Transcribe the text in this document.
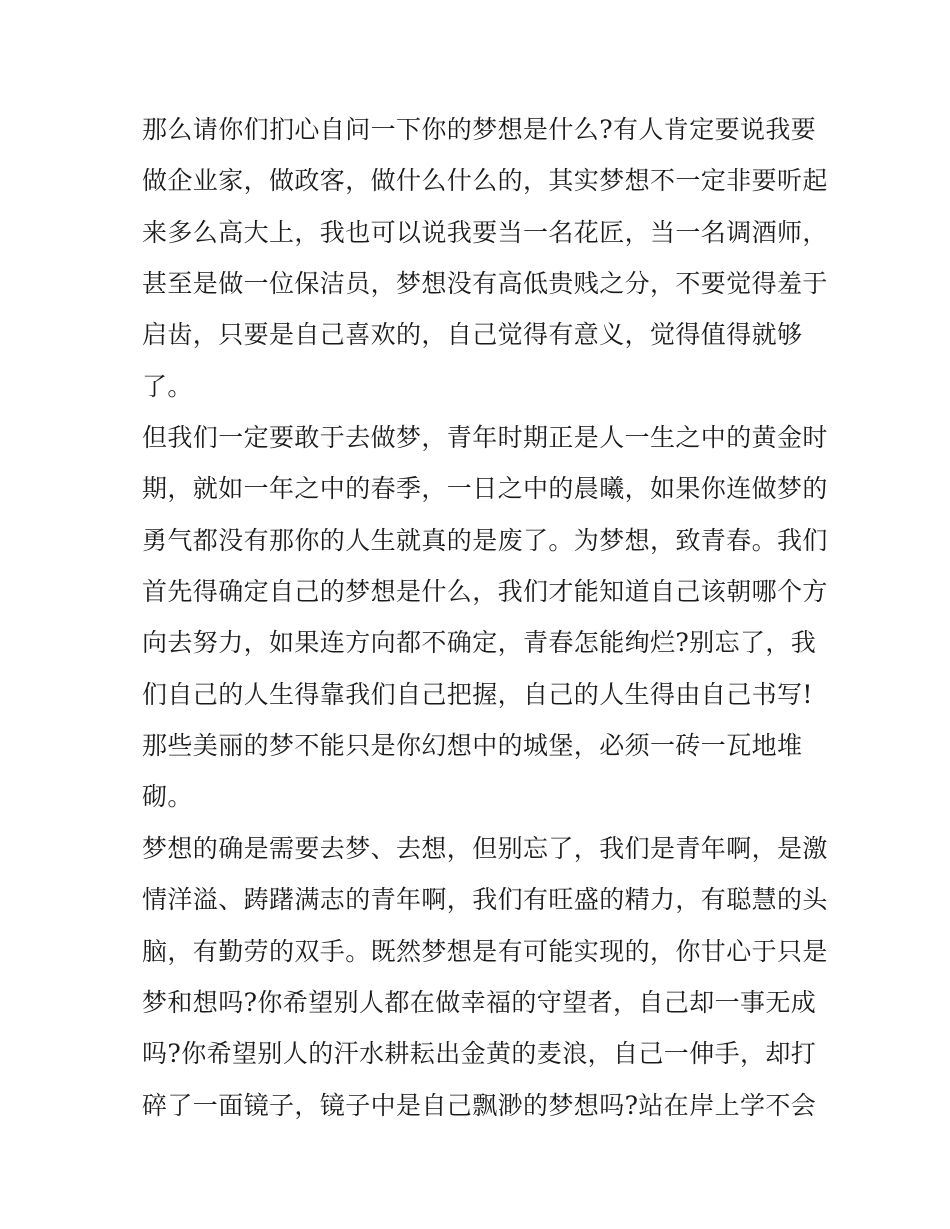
那么请你们扪心自问一下你的梦想是什么?有人肯定要说我要
做企业家，做政客，做什么什么的，其实梦想不一定非要听起
来多么高大上，我也可以说我要当一名花匠，当一名调酒师，
甚至是做一位保洁员，梦想没有高低贵贱之分，不要觉得羞于
启齿，只要是自己喜欢的，自己觉得有意义，觉得值得就够
了。
但我们一定要敢于去做梦，青年时期正是人一生之中的黄金时
期，就如一年之中的春季，一日之中的晨曦，如果你连做梦的
勇气都没有那你的人生就真的是废了。为梦想，致青春。我们
首先得确定自己的梦想是什么，我们才能知道自己该朝哪个方
向去努力，如果连方向都不确定，青春怎能绚烂?别忘了，我
们自己的人生得靠我们自己把握，自己的人生得由自己书写!
那些美丽的梦不能只是你幻想中的城堡，必须一砖一瓦地堆
砌。
梦想的确是需要去梦、去想，但别忘了，我们是青年啊，是激
情洋溢、踌躇满志的青年啊，我们有旺盛的精力，有聪慧的头
脑，有勤劳的双手。既然梦想是有可能实现的，你甘心于只是
梦和想吗?你希望别人都在做幸福的守望者，自己却一事无成
吗?你希望别人的汗水耕耘出金黄的麦浪，自己一伸手，却打
碎了一面镜子，镜子中是自己飘渺的梦想吗?站在岸上学不会
